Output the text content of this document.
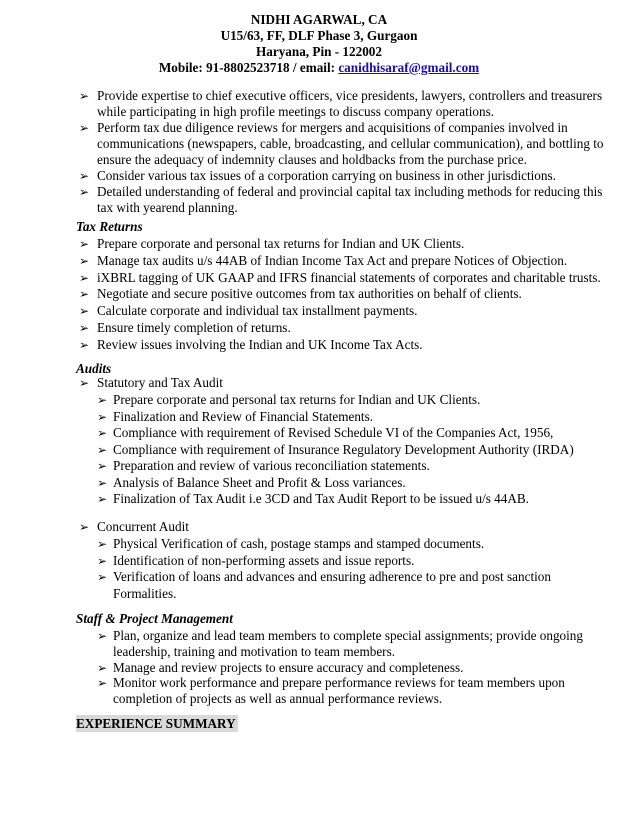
NIDHI AGARWAL, CA
U15/63, FF, DLF Phase 3, Gurgaon
Haryana, Pin - 122002
Mobile: 91-8802523718 / email: canidhisaraf@gmail.com
Tax Returns
Audits
Statutory and Tax Audit
Concurrent Audit
Staff & Project Management
EXPERIENCE SUMMARY
➢ Provide expertise to chief executive officers, vice presidents, lawyers, controllers and treasurers
while participating in high profile meetings to discuss company operations.
➢ Perform tax due diligence reviews for mergers and acquisitions of companies involved in
communications (newspapers, cable, broadcasting, and cellular communication), and bottling to
ensure the adequacy of indemnity clauses and holdbacks from the purchase price.
➢ Consider various tax issues of a corporation carrying on business in other jurisdictions.
➢ Detailed understanding of federal and provincial capital tax including methods for reducing this
tax with yearend planning.
➢ Prepare corporate and personal tax returns for Indian and UK Clients.
➢ Manage tax audits u/s 44AB of Indian Income Tax Act and prepare Notices of Objection.
➢ iXBRL tagging of UK GAAP and IFRS financial statements of corporates and charitable trusts.
➢ Negotiate and secure positive outcomes from tax authorities on behalf of clients.
➢ Calculate corporate and individual tax installment payments.
➢ Ensure timely completion of returns.
➢ Review issues involving the Indian and UK Income Tax Acts.
➢
➢ Prepare corporate and personal tax returns for Indian and UK Clients.
➢ Finalization and Review of Financial Statements.
➢ Compliance with requirement of Revised Schedule VI of the Companies Act, 1956,
➢ Compliance with requirement of Insurance Regulatory Development Authority (IRDA)
➢ Preparation and review of various reconciliation statements.
➢ Analysis of Balance Sheet and Profit & Loss variances.
➢ Finalization of Tax Audit i.e 3CD and Tax Audit Report to be issued u/s 44AB.
➢
➢ Physical Verification of cash, postage stamps and stamped documents.
➢ Identification of non-performing assets and issue reports.
➢ Verification of loans and advances and ensuring adherence to pre and post sanction
Formalities.
➢ Plan, organize and lead team members to complete special assignments; provide ongoing
leadership, training and motivation to team members.
➢ Manage and review projects to ensure accuracy and completeness.
➢ Monitor work performance and prepare performance reviews for team members upon
completion of projects as well as annual performance reviews.
